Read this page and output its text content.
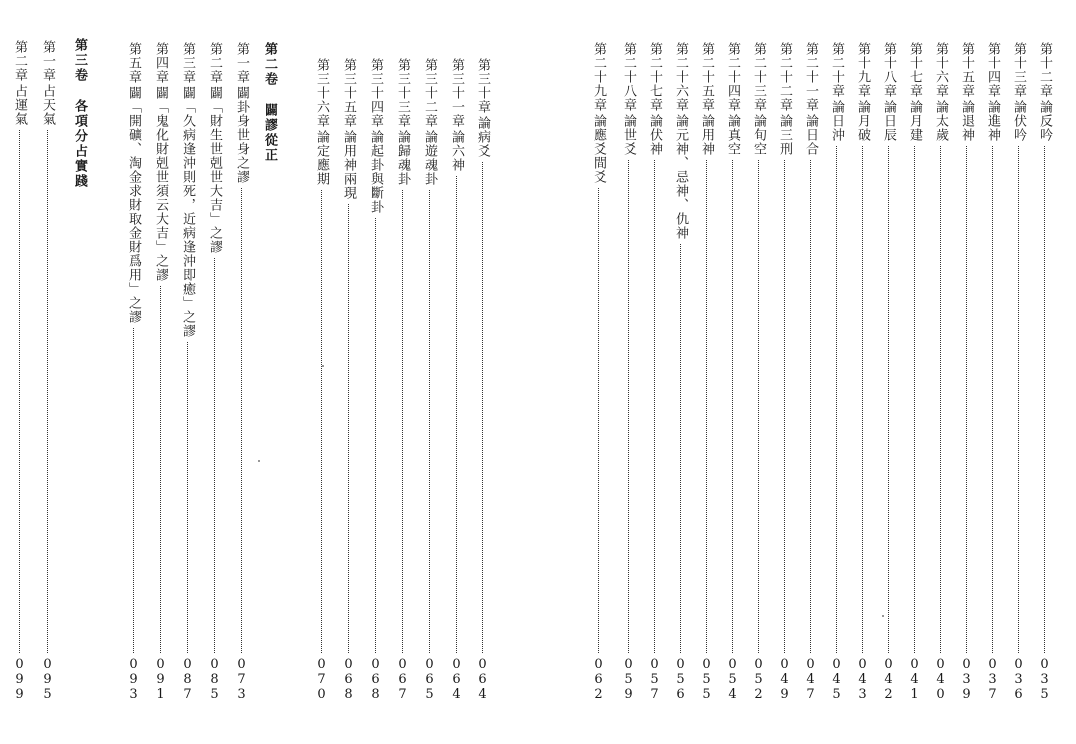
第十二章
論反吟
035
第十三章
論伏吟
036
第十四章
論進神
037
第十五章
論退神
039
第十六章
論太歲
040
第十七章
論月建
041
第十八章
論日辰
042
第十九章
論月破
043
第二十章
論日沖
045
第二十一章
論日合
047
第二十二章
論三刑
049
第二十三章
論旬空
052
第二十四章
論真空
054
第二十五章
論用神
055
第二十六章
論元神、忌神、仇神
056
第二十七章
論伏神
057
第二十八章
論世爻
059
第二十九章
論應爻間爻
062
第三十章
論病爻
064
第三十一章
論六神
064
第三十二章
論遊魂卦
065
第三十三章
論歸魂卦
067
第三十四章
論起卦與斷卦
068
第三十五章
論用神兩現
068
第三十六章
論定應期
070
第二卷
闢謬從正
第一章
闢卦身世身之謬
073
第二章
闢「財生世剋世大吉」之謬
085
第三章
闢「久病逢沖則死，近病逢沖即癒」之謬
087
第四章
闢「鬼化財剋世須云大吉」之謬
091
第五章
闢「開礦、淘金求財取金財爲用」之謬
093
第三卷
各項分占實踐
第一章
占天氣
095
第二章
占運氣
099
